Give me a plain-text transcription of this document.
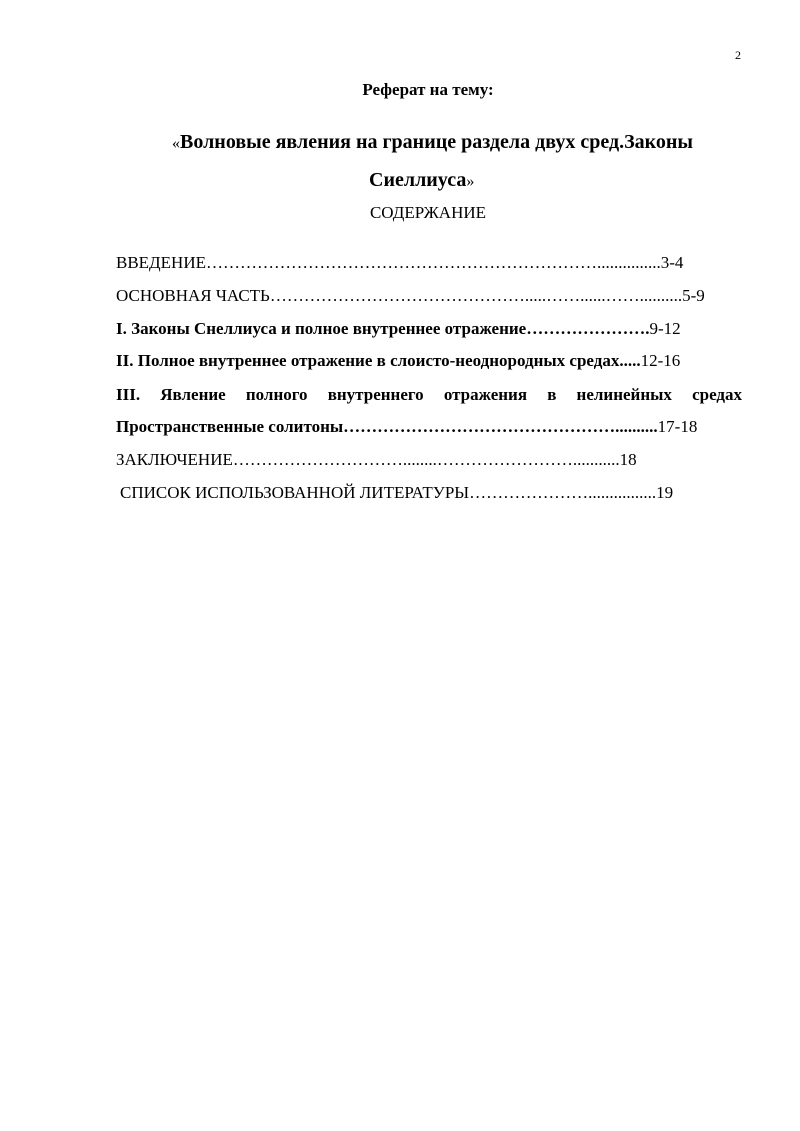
2
Реферат на тему:
«Волновые явления на границе раздела двух сред.Законы
Сиеллиуса»
СОДЕРЖАНИЕ
ВВЕДЕНИЕ……………………………………………………………...............3-4
ОСНОВНАЯ ЧАСТЬ……………………………………….....……......……..........5-9
I. Законы Снеллиуса и полное внутреннее отражение………………….9-12
II. Полное внутреннее отражение в слоисто-неоднородных средах.....12-16
III. Явление полного внутреннего отражения в нелинейных средах
Пространственные солитоны…………………………………………..........17-18
ЗАКЛЮЧЕНИЕ…………………………........……………………...........18
СПИСОК ИСПОЛЬЗОВАННОЙ ЛИТЕРАТУРЫ…………………................19
